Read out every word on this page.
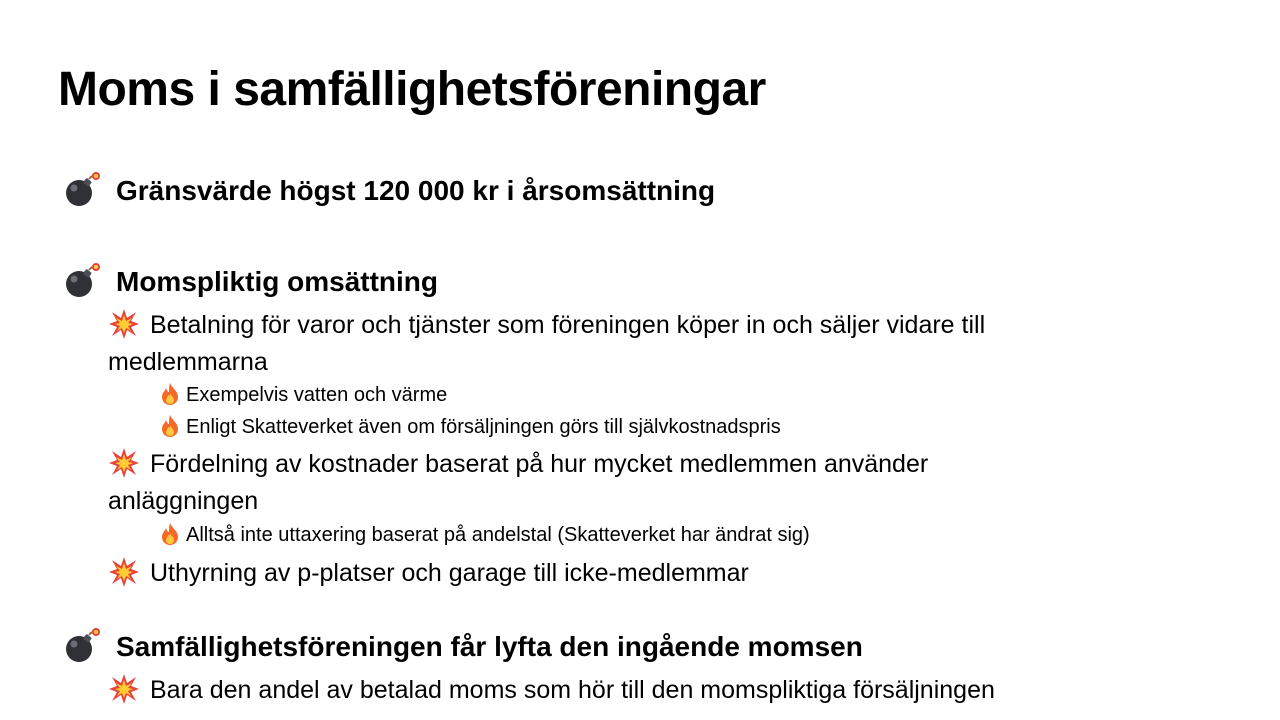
Moms i samfällighetsföreningar
Gränsvärde högst 120 000 kr i årsomsättning
Momspliktig omsättning
Betalning för varor och tjänster som föreningen köper in och säljer vidare till
medlemmarna
Exempelvis vatten och värme
Enligt Skatteverket även om försäljningen görs till självkostnadspris
Fördelning av kostnader baserat på hur mycket medlemmen använder
anläggningen
Alltså inte uttaxering baserat på andelstal (Skatteverket har ändrat sig)
Uthyrning av p-platser och garage till icke-medlemmar
Samfällighetsföreningen får lyfta den ingående momsen
Bara den andel av betalad moms som hör till den momspliktiga försäljningen
